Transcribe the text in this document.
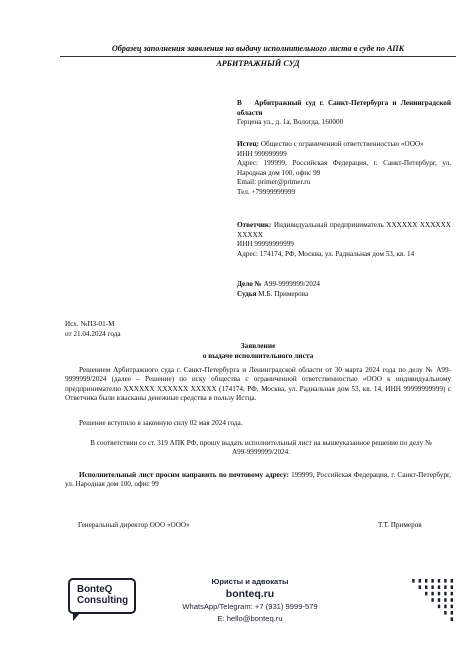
Образец заполнения заявления на выдачу исполнительного листа в суде по АПК
АРБИТРАЖНЫЙ СУД

В Арбитражный суд г. Санкт-Петербурга и Ленинградской области

Герцена ул., д. 1а, Вологда, 160000

Истец: Общество с ограниченной ответственностью «ООО»

ИНН 999999999

Адрес: 199999, Российская Федерация, г. Санкт-Петербург, ул. Народная дом 100, офис 99

Email: primer@primer.ru

Тел. +79999999999

Ответчик: Индивидуальный предприниматель XXXXXX XXXXXX XXXXX

ИНН 99999999999

Адрес: 174174, РФ, Москва, ул. Радиальная дом 53, кв. 14

Дело № А99-9999999/2024

Судья М.Б. Примерова

Исх. №ПЗ-01-М
от 21.04.2024 года
Заявление
о выдаче исполнительного листа

Решением Арбитражного суда г. Санкт-Петербурга и Ленинградской области от 30 марта 2024 года по делу № А99-9999999/2024 (далее – Решение) по иску общества с ограниченной ответственностью «ООО к индивидуальному предпринимателю XXXXXX XXXXXX XXXXX (174174, РФ, Москва, ул. Радиальная дом 53, кв. 14, ИНН 99999999999) с Ответчика были взысканы денежные средства в пользу Истца.

Решение вступило в законную силу 02 мая 2024 года.

В соответствии со ст. 319 АПК РФ, прошу выдать исполнительный лист на вышеуказанное решение по делу № А99-9999999/2024.

Исполнительный лист просим направить по почтовому адресу: 199999, Российская Федерация, г. Санкт-Петербург, ул. Народная дом 100, офис 99

Генеральный директор ООО «ООО»	Т.Т. Примеров
BonteQ
Consulting
Юристы и адвокаты
bonteq.ru
WhatsApp/Telegram: +7 (931) 9999-579
E: hello@bonteq.ru
